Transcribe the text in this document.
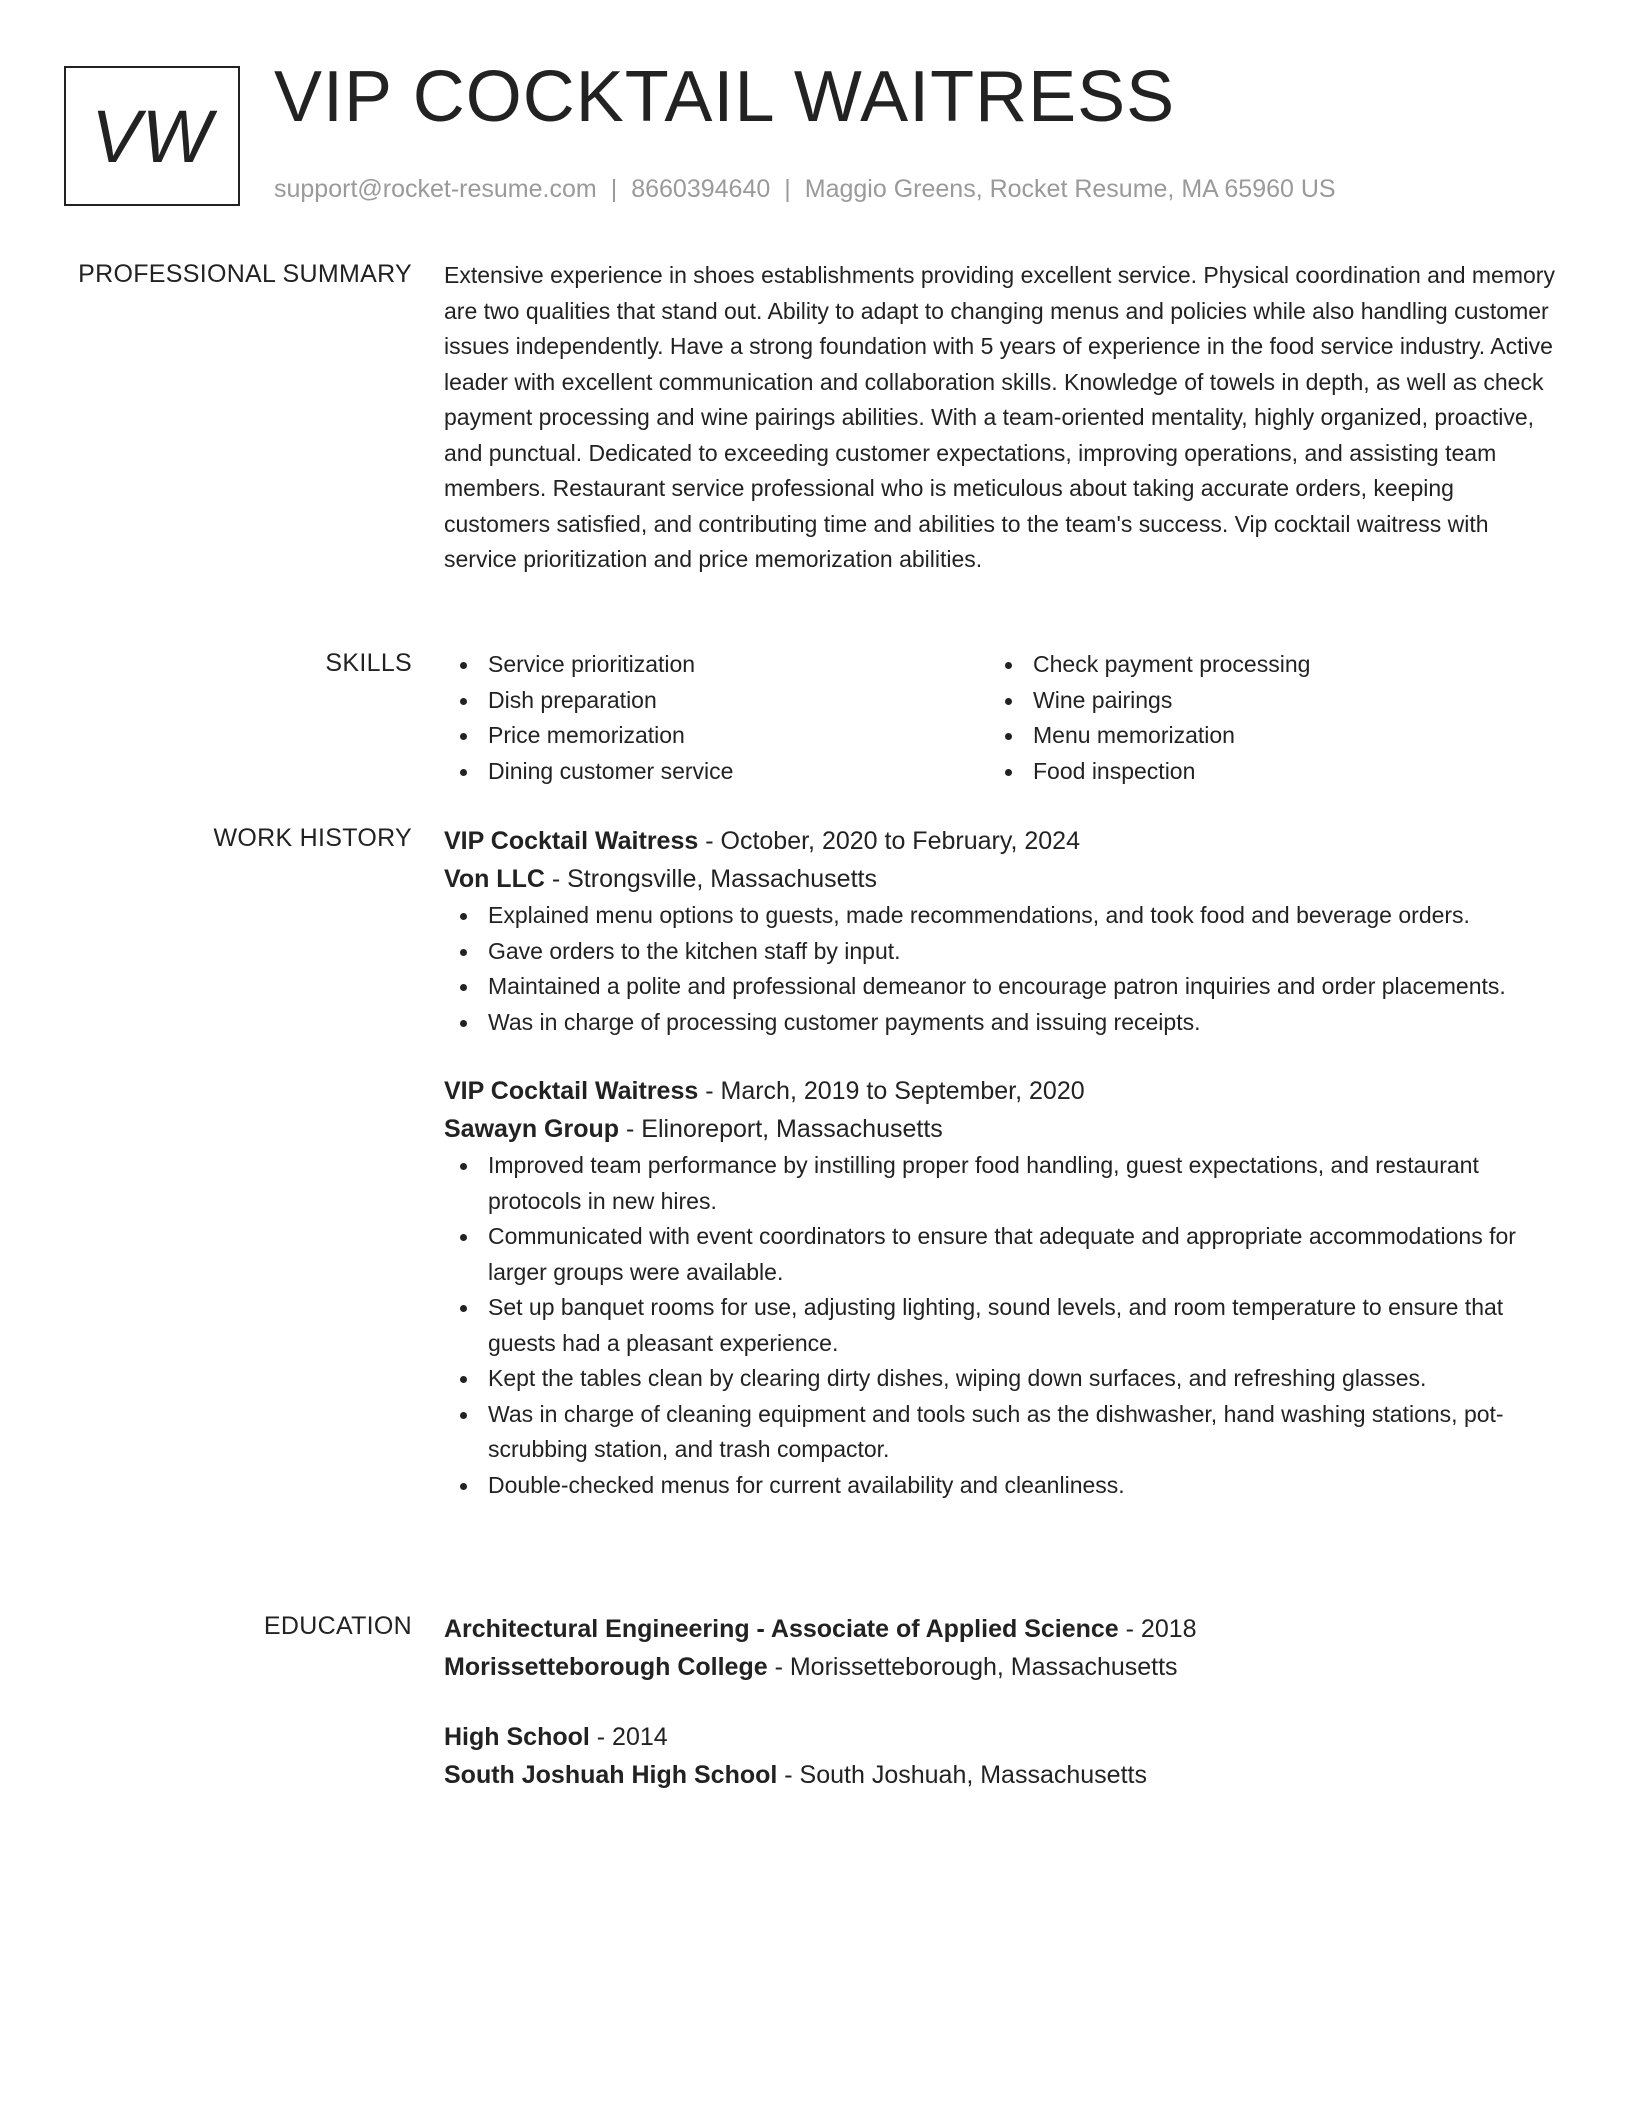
VW VIP COCKTAIL WAITRESS
support@rocket-resume.com | 8660394640 | Maggio Greens, Rocket Resume, MA 65960 US
PROFESSIONAL SUMMARY Extensive experience in shoes establishments providing excellent service. Physical coordination and memory are two qualities that stand out. Ability to adapt to changing menus and policies while also handling customer issues independently. Have a strong foundation with 5 years of experience in the food service industry. Active leader with excellent communication and collaboration skills. Knowledge of towels in depth, as well as check payment processing and wine pairings abilities. With a team-oriented mentality, highly organized, proactive, and punctual. Dedicated to exceeding customer expectations, improving operations, and assisting team members. Restaurant service professional who is meticulous about taking accurate orders, keeping customers satisfied, and contributing time and abilities to the team's success. Vip cocktail waitress with service prioritization and price memorization abilities.

SKILLS	Service prioritization
Dish preparation
Price memorization
Dining customer service
Check payment processing
Wine pairings
Menu memorization
Food inspection
WORK HISTORY VIP Cocktail Waitress - October, 2020 to February, 2024
Von LLC - Strongsville, Massachusetts
Explained menu options to guests, made recommendations, and took food and beverage orders.
Gave orders to the kitchen staff by input.
Maintained a polite and professional demeanor to encourage patron inquiries and order placements.
Was in charge of processing customer payments and issuing receipts.
VIP Cocktail Waitress - March, 2019 to September, 2020
Sawayn Group - Elinoreport, Massachusetts
Improved team performance by instilling proper food handling, guest expectations, and restaurant protocols in new hires.
Communicated with event coordinators to ensure that adequate and appropriate accommodations for larger groups were available.
Set up banquet rooms for use, adjusting lighting, sound levels, and room temperature to ensure that guests had a pleasant experience.
Kept the tables clean by clearing dirty dishes, wiping down surfaces, and refreshing glasses.
Was in charge of cleaning equipment and tools such as the dishwasher, hand washing stations, pot-scrubbing station, and trash compactor.
Double-checked menus for current availability and cleanliness.
EDUCATION Architectural Engineering - Associate of Applied Science - 2018
Morissetteborough College - Morissetteborough, Massachusetts
High School - 2014
South Joshuah High School - South Joshuah, Massachusetts
